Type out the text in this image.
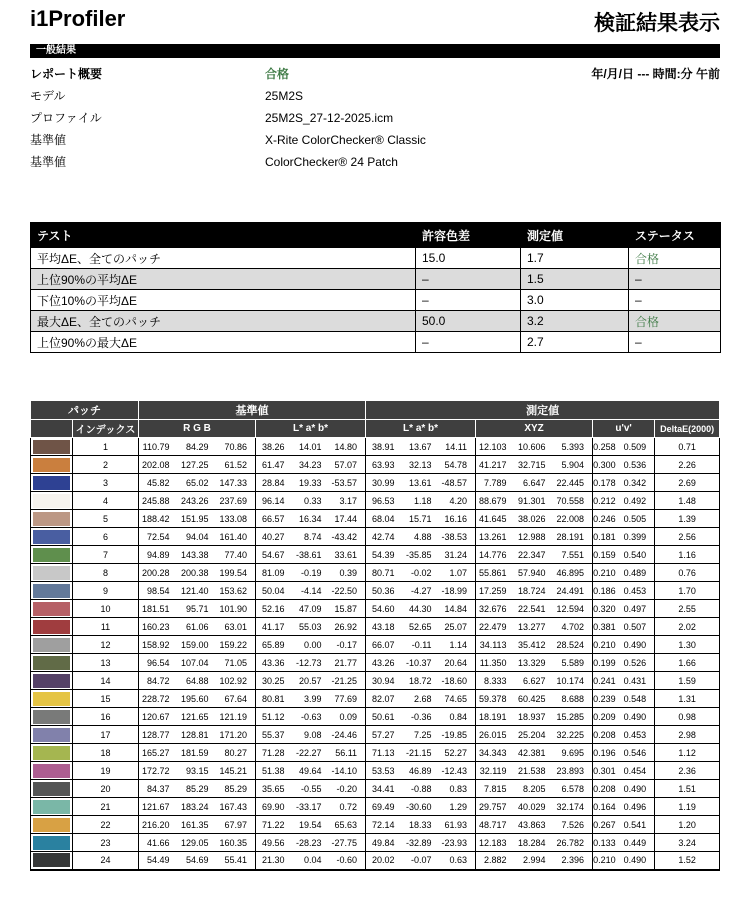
i1Profiler	検証結果表示
一般結果
レポート概要	合格	年/月/日 --- 時間:分 午前
モデル	25M2S
プロファイル	25M2S_27-12-2025.icm
基準値	X-Rite ColorChecker® Classic
基準値	ColorChecker® 24 Patch
テスト	許容色差	測定値	ステータス
平均ΔE、全てのパッチ	15.0	1.7	合格
上位90%の平均ΔE	–	1.5	–
下位10%の平均ΔE	–	3.0	–
最大ΔE、全てのパッチ	50.0	3.2	合格
上位90%の最大ΔE	–	2.7	–
パッチ		基準値						測定値								
	インデックス	R G B			L* a* b*			L* a* b*			XYZ			u'v'		DeltaE(2000)

	1	110.79	84.29	70.86	38.26	14.01	14.80	38.91	13.67	14.11	12.103	10.606	5.393	0.258	0.509	0.71

	2	202.08	127.25	61.52	61.47	34.23	57.07	63.93	32.13	54.78	41.217	32.715	5.904	0.300	0.536	2.26

	3	45.82	65.02	147.33	28.84	19.33	-53.57	30.99	13.61	-48.57	7.789	6.647	22.445	0.178	0.342	2.69

	4	245.88	243.26	237.69	96.14	0.33	3.17	96.53	1.18	4.20	88.679	91.301	70.558	0.212	0.492	1.48

	5	188.42	151.95	133.08	66.57	16.34	17.44	68.04	15.71	16.16	41.645	38.026	22.008	0.246	0.505	1.39

	6	72.54	94.04	161.40	40.27	8.74	-43.42	42.74	4.88	-38.53	13.261	12.988	28.191	0.181	0.399	2.56

	7	94.89	143.38	77.40	54.67	-38.61	33.61	54.39	-35.85	31.24	14.776	22.347	7.551	0.159	0.540	1.16

	8	200.28	200.38	199.54	81.09	-0.19	0.39	80.71	-0.02	1.07	55.861	57.940	46.895	0.210	0.489	0.76

	9	98.54	121.40	153.62	50.04	-4.14	-22.50	50.36	-4.27	-18.99	17.259	18.724	24.491	0.186	0.453	1.70

	10	181.51	95.71	101.90	52.16	47.09	15.87	54.60	44.30	14.84	32.676	22.541	12.594	0.320	0.497	2.55

	11	160.23	61.06	63.01	41.17	55.03	26.92	43.18	52.65	25.07	22.479	13.277	4.702	0.381	0.507	2.02

	12	158.92	159.00	159.22	65.89	0.00	-0.17	66.07	-0.11	1.14	34.113	35.412	28.524	0.210	0.490	1.30

	13	96.54	107.04	71.05	43.36	-12.73	21.77	43.26	-10.37	20.64	11.350	13.329	5.589	0.199	0.526	1.66

	14	84.72	64.88	102.92	30.25	20.57	-21.25	30.94	18.72	-18.60	8.333	6.627	10.174	0.241	0.431	1.59

	15	228.72	195.60	67.64	80.81	3.99	77.69	82.07	2.68	74.65	59.378	60.425	8.688	0.239	0.548	1.31

	16	120.67	121.65	121.19	51.12	-0.63	0.09	50.61	-0.36	0.84	18.191	18.937	15.285	0.209	0.490	0.98

	17	128.77	128.81	171.20	55.37	9.08	-24.46	57.27	7.25	-19.85	26.015	25.204	32.225	0.208	0.453	2.98

	18	165.27	181.59	80.27	71.28	-22.27	56.11	71.13	-21.15	52.27	34.343	42.381	9.695	0.196	0.546	1.12

	19	172.72	93.15	145.21	51.38	49.64	-14.10	53.53	46.89	-12.43	32.119	21.538	23.893	0.301	0.454	2.36

	20	84.37	85.29	85.29	35.65	-0.55	-0.20	34.41	-0.88	0.83	7.815	8.205	6.578	0.208	0.490	1.51

	21	121.67	183.24	167.43	69.90	-33.17	0.72	69.49	-30.60	1.29	29.757	40.029	32.174	0.164	0.496	1.19

	22	216.20	161.35	67.97	71.22	19.54	65.63	72.14	18.33	61.93	48.717	43.863	7.526	0.267	0.541	1.20

	23	41.66	129.05	160.35	49.56	-28.23	-27.75	49.84	-32.89	-23.93	12.183	18.284	26.782	0.133	0.449	3.24

	24	54.49	54.69	55.41	21.30	0.04	-0.60	20.02	-0.07	0.63	2.882	2.994	2.396	0.210	0.490	1.52
